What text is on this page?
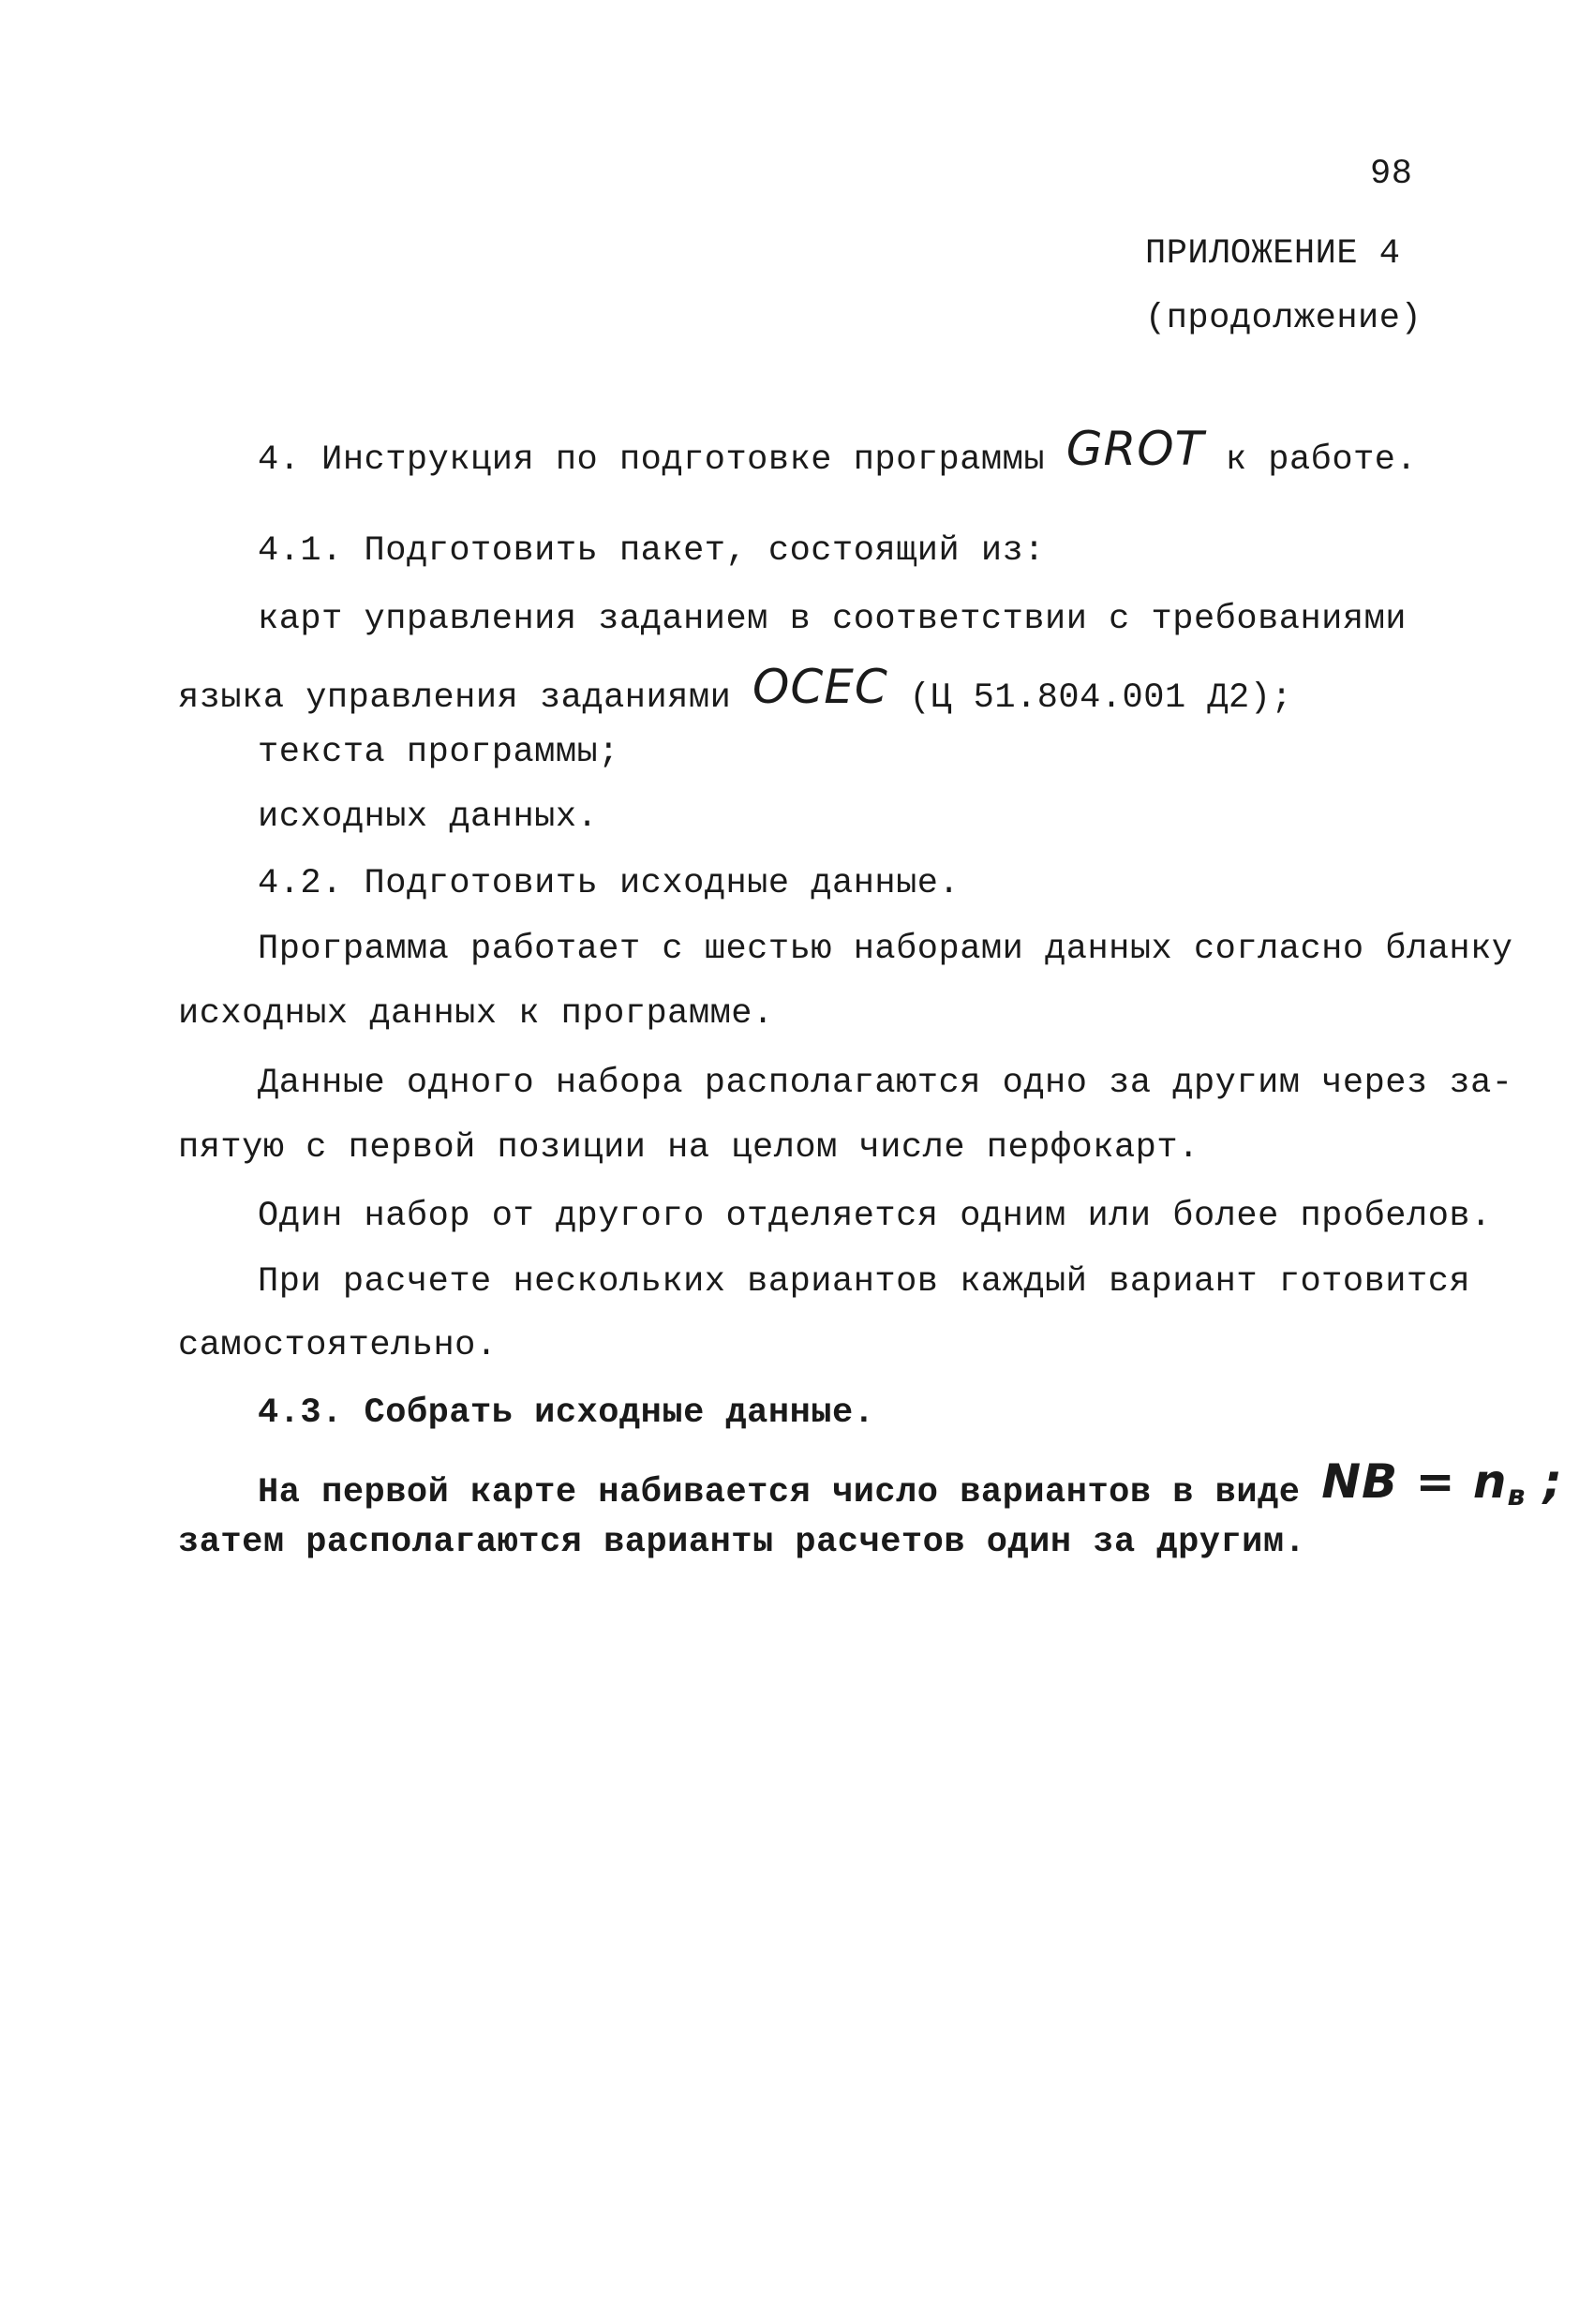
98
ПРИЛОЖЕНИЕ 4
(продолжение)
4. Инструкция по подготовке программы GROT к работе.
4.1. Подготовить пакет, состоящий из:
карт управления заданием в соответствии с требованиями
языка управления заданиями OCEC (Ц 51.804.001 Д2);
текста программы;
исходных данных.
4.2. Подготовить исходные данные.
Программа работает с шестью наборами данных согласно бланку
исходных данных к программе.
Данные одного набора располагаются одно за другим через за-
пятую с первой позиции на целом числе перфокарт.
Один набор от другого отделяется одним или более пробелов.
При расчете нескольких вариантов каждый вариант готовится
самостоятельно.
4.3. Собрать исходные данные.
На первой карте набивается число вариантов в виде NB = nв ;
затем располагаются варианты расчетов один за другим.
